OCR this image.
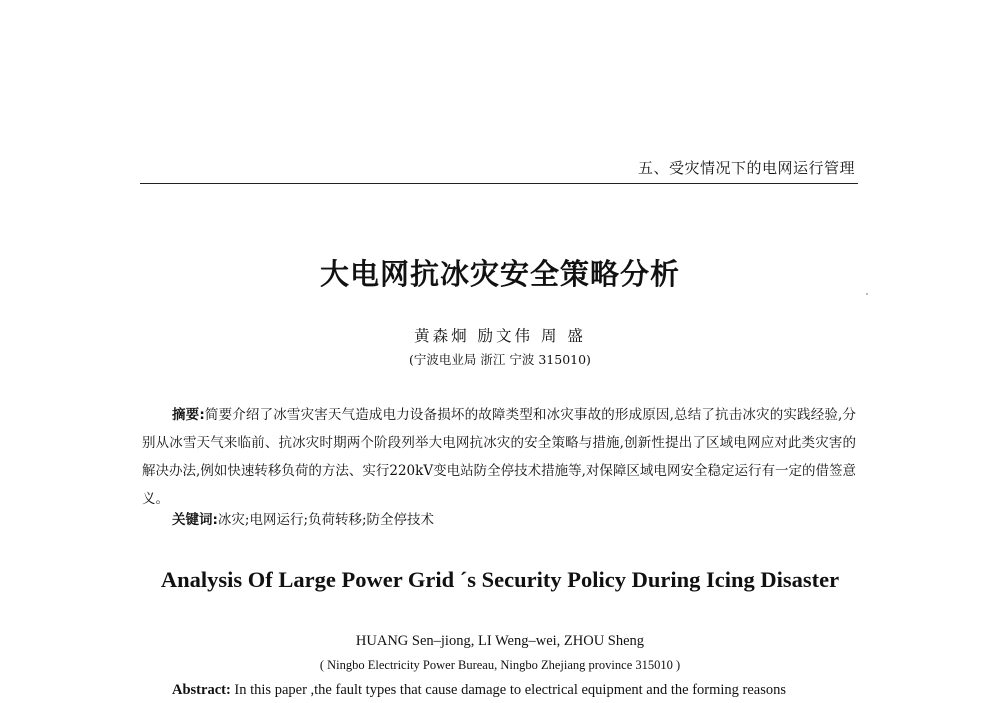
五、受灾情况下的电网运行管理
大电网抗冰灾安全策略分析
黄森炯 励文伟 周 盛
(宁波电业局 浙江 宁波 315010)
摘要:简要介绍了冰雪灾害天气造成电力设备损坏的故障类型和冰灾事故的形成原因,总结了抗击冰灾的实践经验,分别从冰雪天气来临前、抗冰灾时期两个阶段列举大电网抗冰灾的安全策略与措施,创新性提出了区域电网应对此类灾害的解决办法,例如快速转移负荷的方法、实行220kV变电站防全停技术措施等,对保障区域电网安全稳定运行有一定的借签意义。
关键词:冰灾;电网运行;负荷转移;防全停技术
Analysis Of Large Power Grid ´s Security Policy During Icing Disaster
HUANG Sen–jiong, LI Weng–wei, ZHOU Sheng
( Ningbo Electricity Power Bureau, Ningbo Zhejiang province 315010 )
Abstract: In this paper ,the fault types that cause damage to electrical equipment and the forming reasons
